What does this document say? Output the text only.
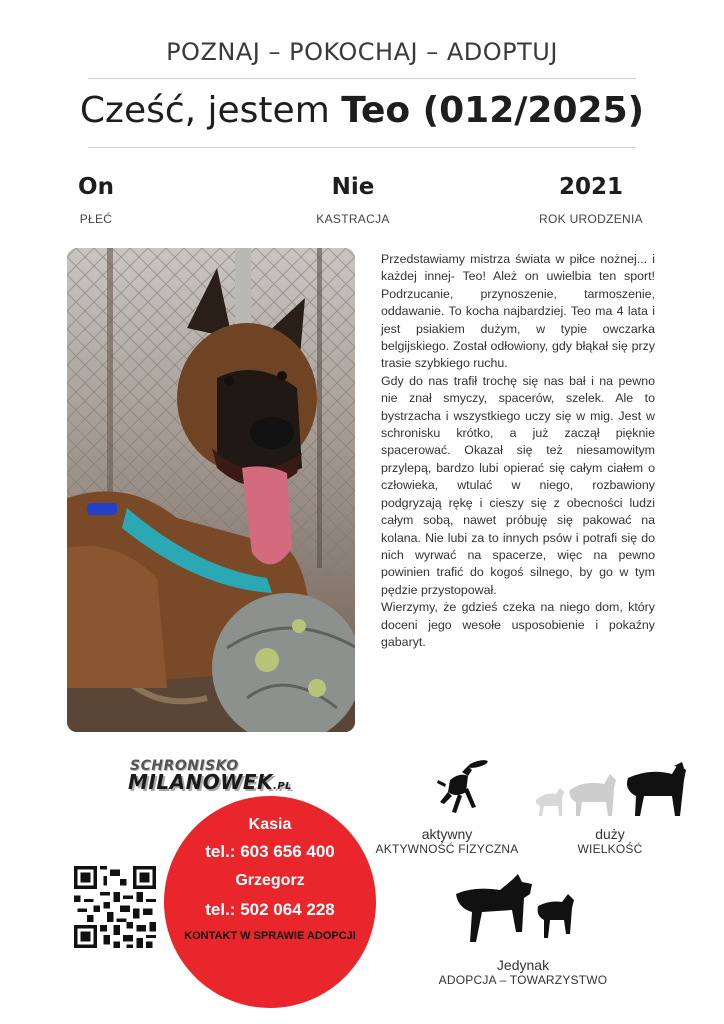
POZNAJ – POKOCHAJ – ADOPTUJ
Cześć, jestem Teo (012/2025)
On
PŁEĆ
Nie
KASTRACJA
2021
ROK URODZENIA

Przedstawiamy mistrza świata w piłce nożnej... i każdej innej- Teo! Ależ on uwielbia ten sport! Podrzucanie, przynoszenie, tarmoszenie, oddawanie. To kocha najbardziej. Teo ma 4 lata i jest psiakiem dużym, w typie owczarka belgijskiego. Został odłowiony, gdy błąkał się przy trasie szybkiego ruchu.

Gdy do nas trafił trochę się nas bał i na pewno nie znał smyczy, spacerów, szelek. Ale to bystrzacha i wszystkiego uczy się w mig. Jest w schronisku krótko, a już zaczął pięknie spacerować. Okazał się też niesamowitym przylepą, bardzo lubi opierać się całym ciałem o człowieka, wtulać w niego, rozbawiony podgryzają rękę i cieszy się z obecności ludzi całym sobą, nawet próbuję się pakować na kolana. Nie lubi za to innych psów i potrafi się do nich wyrwać na spacerze, więc na pewno powinien trafić do kogoś silnego, by go w tym pędzie przystopował.

Wierzymy, że gdzieś czeka na niego dom, który doceni jego wesołe usposobienie i pokaźny gabaryt.

SCHRONISKO
MILANOWEK.PL
Kasia
tel.: 603 656 400
Grzegorz
tel.: 502 064 228
KONTAKT W SPRAWIE ADOPCJI
aktywny
AKTYWNOŚĆ FIZYCZNA
duży
WIELKOŚĆ
Jedynak
ADOPCJA – TOWARZYSTWO
